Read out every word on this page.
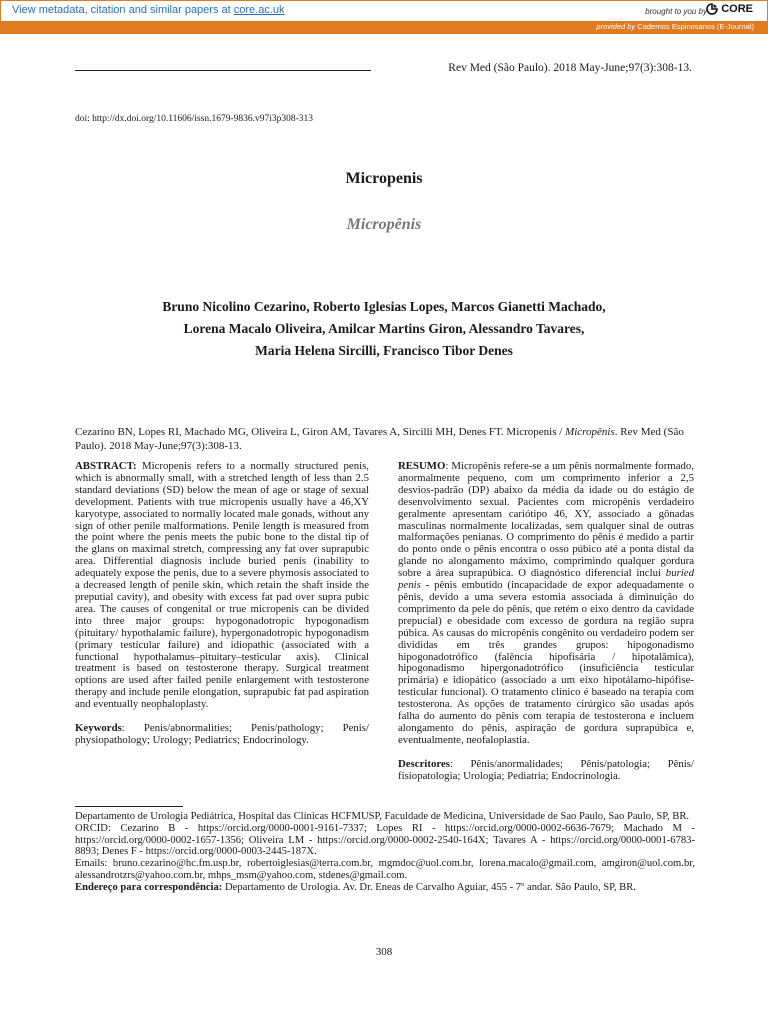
View metadata, citation and similar papers at core.ac.uk	brought to you by CORE
provided by Cadernos Espinosanos (E-Journal)
Rev Med (São Paulo). 2018 May-June;97(3):308-13.
doi: http://dx.doi.org/10.11606/issn.1679-9836.v97i3p308-313
Micropenis
Micropênis
Bruno Nicolino Cezarino, Roberto Iglesias Lopes, Marcos Gianetti Machado,
Lorena Macalo Oliveira, Amilcar Martins Giron, Alessandro Tavares,
Maria Helena Sircilli, Francisco Tibor Denes
Cezarino BN, Lopes RI, Machado MG, Oliveira L, Giron AM, Tavares A, Sircilli MH, Denes FT. Micropenis / Micropênis. Rev Med (São Paulo). 2018 May-June;97(3):308-13.

ABSTRACT: Micropenis refers to a normally structured penis, which is abnormally small, with a stretched length of less than 2.5 standard deviations (SD) below the mean of age or stage of sexual development. Patients with true micropenis usually have a 46,XY karyotype, associated to normally located male gonads, without any sign of other penile malformations. Penile length is measured from the point where the penis meets the pubic bone to the distal tip of the glans on maximal stretch, compressing any fat over suprapubic area. Differential diagnosis include buried penis (inability to adequately expose the penis, due to a severe phymosis associated to a decreased length of penile skin, which retain the shaft inside the preputial cavity), and obesity with excess fat pad over supra pubic area. The causes of congenital or true micropenis can be divided into three major groups: hypogonadotropic hypogonadism (pituitary/ hypothalamic failure), hypergonadotropic hypogonadism (primary testicular failure) and idiopathic (associated with a functional hypothalamus–pituitary–testicular axis). Clinical treatment is based on testosterone therapy. Surgical treatment options are used after failed penile enlargement with testosterone therapy and include penile elongation, suprapubic fat pad aspiration and eventually neophaloplasty.

Keywords: Penis/abnormalities; Penis/pathology; Penis/ physiopathology; Urology; Pediatrics; Endocrinology.

RESUMO: Micropênis refere-se a um pênis normalmente formado, anormalmente pequeno, com um comprimento inferior a 2,5 desvios-padrão (DP) abaixo da média da idade ou do estágio de desenvolvimento sexual. Pacientes com micropênis verdadeiro geralmente apresentam cariótipo 46, XY, associado a gônadas masculinas normalmente localizadas, sem qualquer sinal de outras malformações penianas. O comprimento do pênis é medido a partir do ponto onde o pênis encontra o osso púbico até a ponta distal da glande no alongamento máximo, comprimindo qualquer gordura sobre a área suprapúbica. O diagnóstico diferencial inclui buried penis - pênis embutido (incapacidade de expor adequadamente o pênis, devido a uma severa estomia associada à diminuição do comprimento da pele do pênis, que retém o eixo dentro da cavidade prepucial) e obesidade com excesso de gordura na região supra púbica. As causas do micropênis congênito ou verdadeiro podem ser divididas em três grandes grupos: hipogonadismo hipogonadotrófico (falência hipofisária / hipotalâmica), hipogonadismo hipergonadotrófico (insuficiência testicular primária) e idiopático (associado a um eixo hipotálamo-hipófise-testicular funcional). O tratamento clínico é baseado na terapia com testosterona. As opções de tratamento cirúrgico são usadas após falha do aumento do pênis com terapia de testosterona e incluem alongamento do pênis, aspiração de gordura suprapúbica e, eventualmente, neofaloplastia.

Descritores: Pênis/anormalidades; Pênis/patologia; Pênis/ fisiopatologia; Urologia; Pediatria; Endocrinologia.

Departamento de Urologia Pediátrica, Hospital das Clínicas HCFMUSP, Faculdade de Medicina, Universidade de Sao Paulo, Sao Paulo, SP, BR.

ORCID: Cezarino B - https://orcid.org/0000-0001-9161-7337; Lopes RI - https://orcid.org/0000-0002-6636-7679; Machado M - https://orcid.org/0000-0002-1657-1356; Oliveira LM - https://orcid.org/0000-0002-2540-164X; Tavares A - https://orcid.org/0000-0001-6783-8893; Denes F - https://orcid.org/0000-0003-2445-187X.

Emails: bruno.cezarino@hc.fm.usp.br, robertoiglesias@terra.com.br, mgmdoc@uol.com.br, lorena.macalo@gmail.com, amgiron@uol.com.br, alessandrotzrs@yahoo.com.br, mhps_msm@yahoo.com, stdenes@gmail.com.

Endereço para correspondência: Departamento de Urologia. Av. Dr. Eneas de Carvalho Aguiar, 455 - 7º andar. São Paulo, SP, BR.

308
